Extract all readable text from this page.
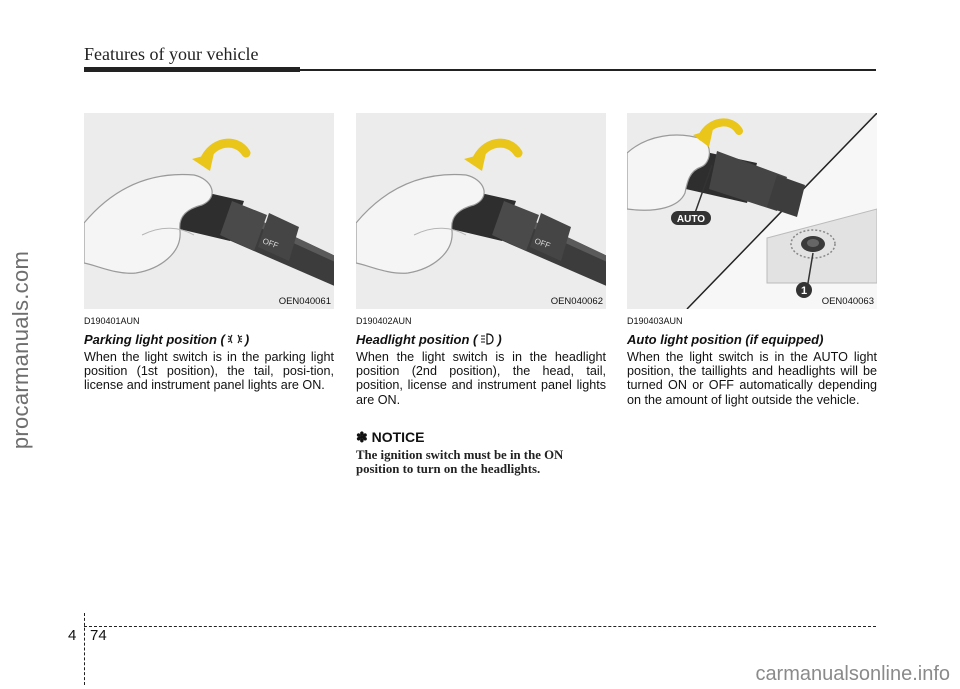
Features of your vehicle
procarmanuals.com
OFF
OEN040061
D190401AUN
Parking light position ( )
When the light switch is in the parking light position (1st position), the tail, posi-tion, license and instrument panel lights are ON.
OFF
OEN040062
D190402AUN
Headlight position ( )
When the light switch is in the headlight position (2nd position), the head, tail, position, license and instrument panel lights are ON.
✽ NOTICE
The ignition switch must be in the ON position to turn on the headlights.
1
AUTO
OEN040063
D190403AUN
Auto light position (if equipped)
When the light switch is in the AUTO light position, the taillights and headlights will be turned ON or OFF automatically depending on the amount of light outside the vehicle.
4 74
carmanualsonline.info
